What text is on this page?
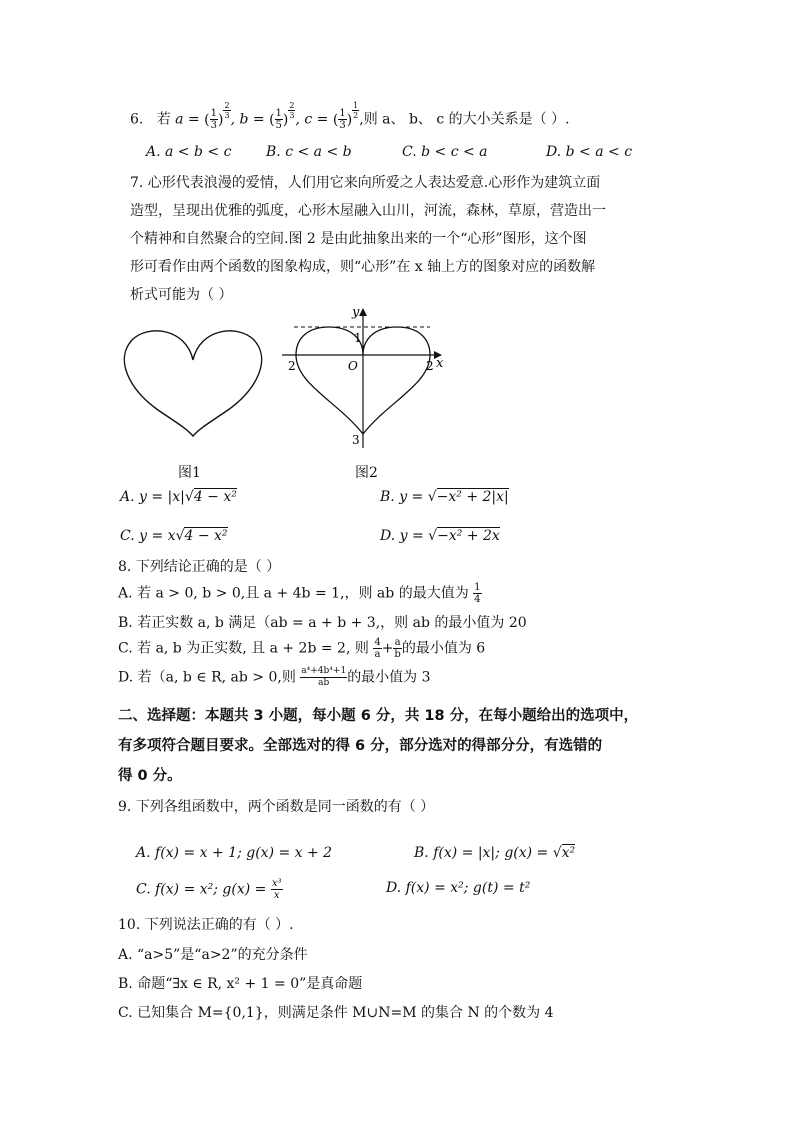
6. 若 a = ( $\frac{1}{3}$ ) $\frac{2}{3}$ , b = ( $\frac{1}{5}$ ) $\frac{2}{3}$ , c = ( $\frac{1}{3}$ ) $\frac{1}{2}$ ,则 a、 b、 c 的大小关系是（ ）.
A. a < b < c B. c < a < b	C. b < c < a	D. b < a < c
7. 心形代表浪漫的爱情，人们用它来向所爱之人表达爱意.心形作为建筑立面
造型，呈现出优雅的弧度，心形木屋融入山川，河流，森林，草原，营造出一
个精神和自然聚合的空间.图 2 是由此抽象出来的一个“心形”图形，这个图
形可看作由两个函数的图象构成，则“心形”在 x 轴上方的图象对应的函数解
析式可能为（ ）
图1
y
x
O
1
2	2
3
图2
A. y = |x|√4 − x²	B. y = √−x² + 2|x|
C. y = x√4 − x²	D. y = √−x² + 2x
8. 下列结论正确的是（ ）
A. 若 a > 0, b > 0,且 a + 4b = 1,，则 ab 的最大值为 $\frac{1}{4}$
B. 若正实数 a, b 满足（ab = a + b + 3,，则 ab 的最小值为 20
C. 若 a, b 为正实数, 且 a + 2b = 2, 则 $\frac{4}{a} + \frac{a}{b}$ 的最小值为 6
D. 若（a, b ∈ R, ab > 0,则 $\frac{\text{a⁴+4b⁴+1}}{ab}$ 的最小值为 3
二、选择题：本题共 3 小题，每小题 6 分，共 18 分，在每小题给出的选项中，
有多项符合题目要求。全部选对的得 6 分，部分选对的得部分分，有选错的
得 0 分。
9. 下列各组函数中，两个函数是同一函数的有（ ）
A. f(x) = x + 1; g(x) = x + 2	B. f(x) = |x|; g(x) = √x²
C. f(x) = x²; $g(x) = \frac{\text{x³}}{x}$	D. f(x) = x²; g(t) = t²
10. 下列说法正确的有（ ）.
A. “a>5”是“a>2”的充分条件
B. 命题“∃x ∈ R, x² + 1 = 0”是真命题
C. 已知集合 M={0,1}，则满足条件 M∪N=M 的集合 N 的个数为 4
